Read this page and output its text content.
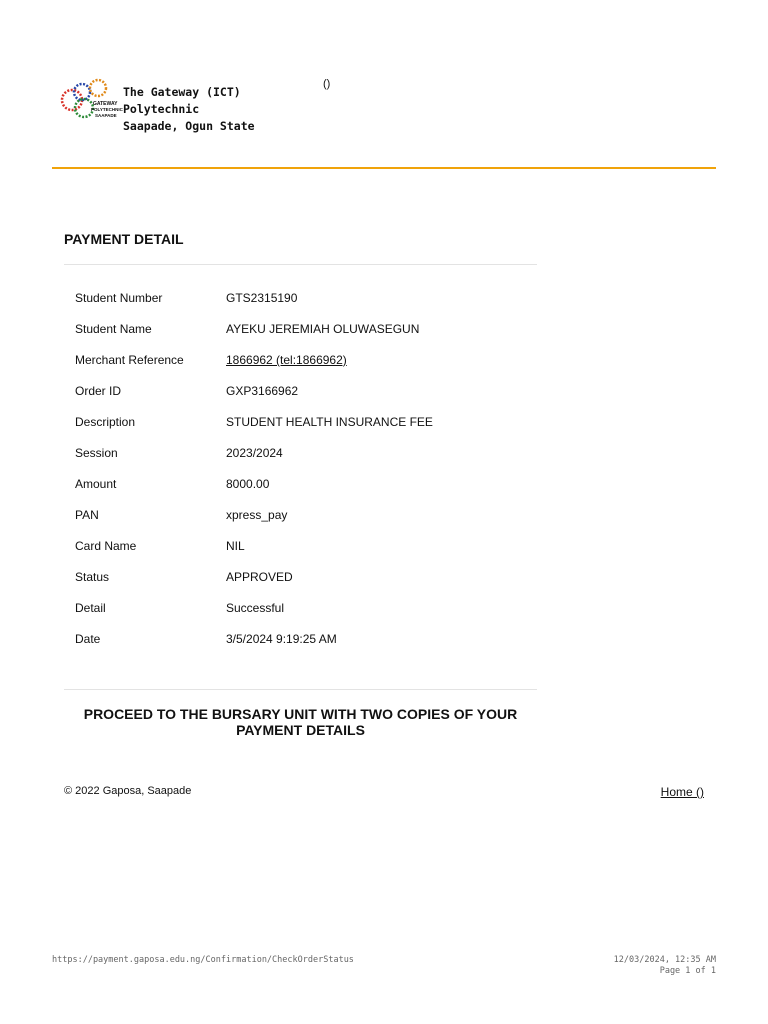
GATEWAY
POLYTECHNIC
SAAPADE
The Gateway (ICT)
Polytechnic
Saapade, Ogun State
()
PAYMENT DETAIL
Student Number	GTS2315190
Student Name	AYEKU JEREMIAH OLUWASEGUN
Merchant Reference	1866962 (tel:1866962)
Order ID	GXP3166962
Description	STUDENT HEALTH INSURANCE FEE
Session	2023/2024
Amount	8000.00
PAN	xpress_pay
Card Name	NIL
Status	APPROVED
Detail	Successful
Date	3/5/2024 9:19:25 AM
PROCEED TO THE BURSARY UNIT WITH TWO COPIES OF YOUR
PAYMENT DETAILS
© 2022 Gaposa, Saapade	Home ()
https://payment.gaposa.edu.ng/Confirmation/CheckOrderStatus	12/03/2024, 12:35 AM
Page 1 of 1
